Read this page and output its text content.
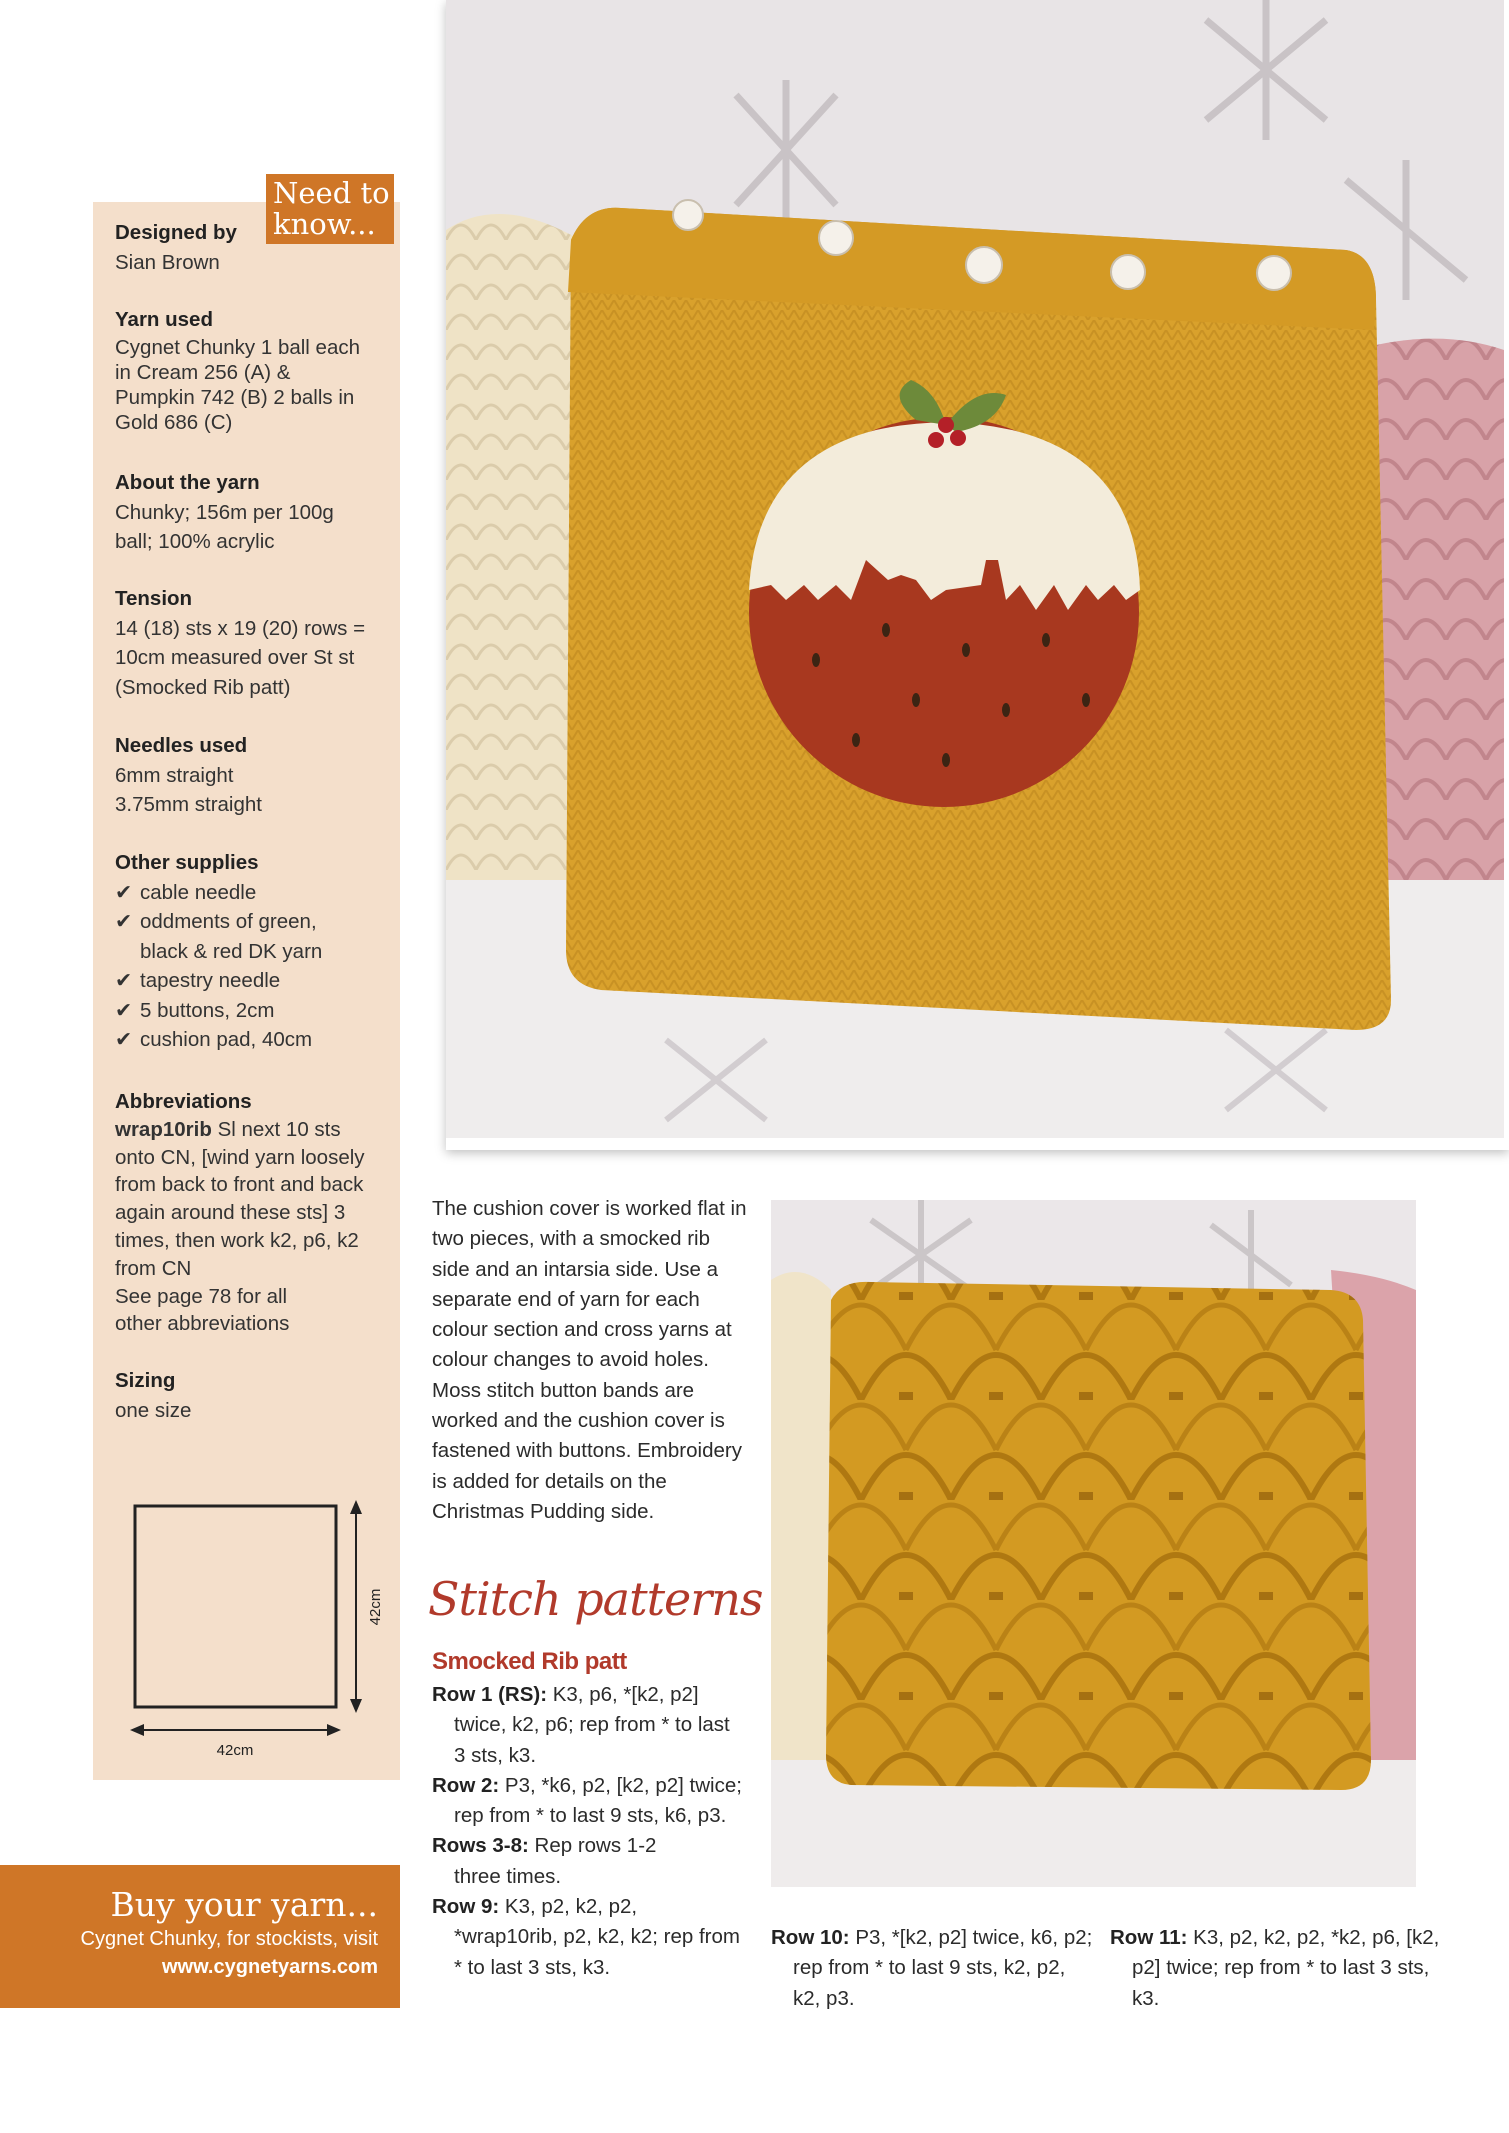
Need to know...
Designed by
Sian Brown
Yarn used
Cygnet Chunky 1 ball each in Cream 256 (A) & Pumpkin 742 (B) 2 balls in Gold 686 (C)
About the yarn
Chunky; 156m per 100g ball; 100% acrylic
Tension
14 (18) sts x 19 (20) rows = 10cm measured over St st (Smocked Rib patt)
Needles used
6mm straight
3.75mm straight
Other supplies
✔ cable needle
✔ oddments of green, black & red DK yarn
✔ tapestry needle
✔ 5 buttons, 2cm
✔ cushion pad, 40cm
Abbreviations
wrap10rib Sl next 10 sts onto CN, [wind yarn loosely from back to front and back again around these sts] 3 times, then work k2, p6, k2 from CN
See page 78 for all other abbreviations
Sizing
one size
42cm
42cm
Buy your yarn...
Cygnet Chunky, for stockists, visit
www.cygnetyarns.com
The cushion cover is worked flat in two pieces, with a smocked rib side and an intarsia side. Use a separate end of yarn for each colour section and cross yarns at colour changes to avoid holes. Moss stitch button bands are worked and the cushion cover is fastened with buttons. Embroidery is added for details on the Christmas Pudding side.
Stitch patterns
Smocked Rib patt
Row 1 (RS): K3, p6, *[k2, p2] twice, k2, p6; rep from * to last 3 sts, k3.
Row 2: P3, *k6, p2, [k2, p2] twice; rep from * to last 9 sts, k6, p3.
Rows 3-8: Rep rows 1-2 three times.
Row 9: K3, p2, k2, p2, *wrap10rib, p2, k2, k2; rep from * to last 3 sts, k3.
Row 10: P3, *[k2, p2] twice, k6, p2; rep from * to last 9 sts, k2, p2, k2, p3.
Row 11: K3, p2, k2, p2, *k2, p6, [k2, p2] twice; rep from * to last 3 sts, k3.
